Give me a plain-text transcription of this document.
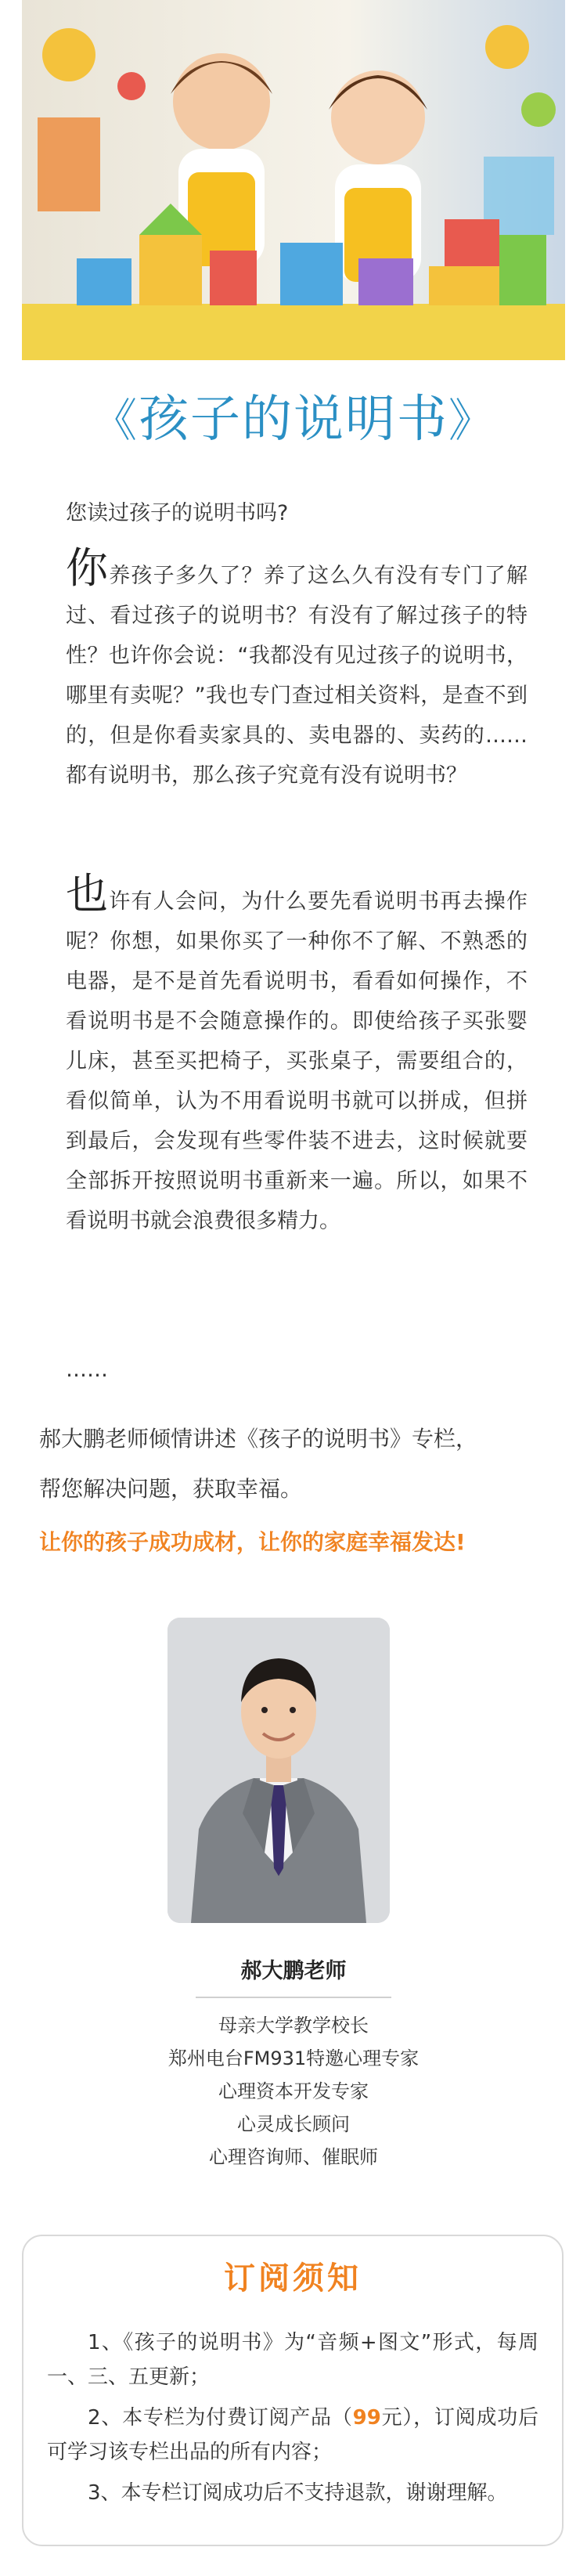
《孩子的说明书》
您读过孩子的说明书吗?
你养孩子多久了？养了这么久有没有专门了解过、看过孩子的说明书？有没有了解过孩子的特性？也许你会说：“我都没有见过孩子的说明书，哪里有卖呢？”我也专门查过相关资料，是查不到的，但是你看卖家具的、卖电器的、卖药的……都有说明书，那么孩子究竟有没有说明书？
也许有人会问，为什么要先看说明书再去操作呢？你想，如果你买了一种你不了解、不熟悉的电器，是不是首先看说明书，看看如何操作，不看说明书是不会随意操作的。即使给孩子买张婴儿床，甚至买把椅子，买张桌子，需要组合的，看似简单，认为不用看说明书就可以拼成，但拼到最后，会发现有些零件装不进去，这时候就要全部拆开按照说明书重新来一遍。所以，如果不看说明书就会浪费很多精力。
……
郝大鹏老师倾情讲述《孩子的说明书》专栏，
帮您解决问题，获取幸福。
让你的孩子成功成材，让你的家庭幸福发达!
郝大鹏老师
母亲大学教学校长
郑州电台FM931特邀心理专家
心理资本开发专家
心灵成长顾问
心理咨询师、催眠师
订阅须知
1、《孩子的说明书》为“音频+图文”形式，每周一、三、五更新；
2、本专栏为付费订阅产品（99元），订阅成功后可学习该专栏出品的所有内容；
3、本专栏订阅成功后不支持退款，谢谢理解。
